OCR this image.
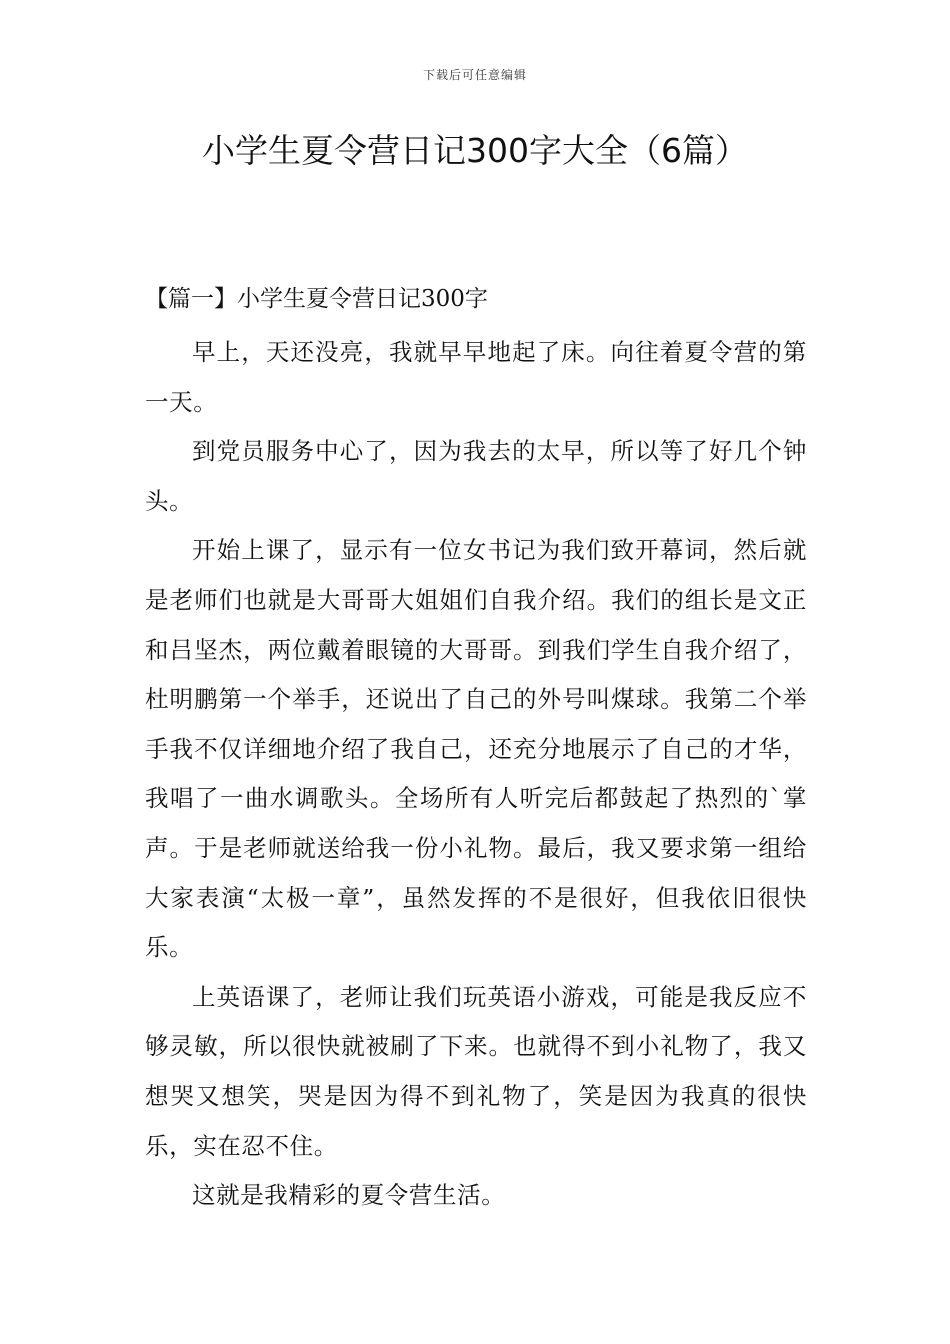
下载后可任意编辑
小学生夏令营日记300字大全（6篇）
【篇一】小学生夏令营日记300字

早上，天还没亮，我就早早地起了床。向往着夏令营的第一天。

到党员服务中心了，因为我去的太早，所以等了好几个钟头。

开始上课了，显示有一位女书记为我们致开幕词，然后就是老师们也就是大哥哥大姐姐们自我介绍。我们的组长是文正和吕坚杰，两位戴着眼镜的大哥哥。到我们学生自我介绍了，杜明鹏第一个举手，还说出了自己的外号叫煤球。我第二个举手我不仅详细地介绍了我自己，还充分地展示了自己的才华，我唱了一曲水调歌头。全场所有人听完后都鼓起了热烈的`掌声。于是老师就送给我一份小礼物。最后，我又要求第一组给大家表演“太极一章”，虽然发挥的不是很好，但我依旧很快乐。

上英语课了，老师让我们玩英语小游戏，可能是我反应不够灵敏，所以很快就被刷了下来。也就得不到小礼物了，我又想哭又想笑，哭是因为得不到礼物了，笑是因为我真的很快乐，实在忍不住。

这就是我精彩的夏令营生活。
